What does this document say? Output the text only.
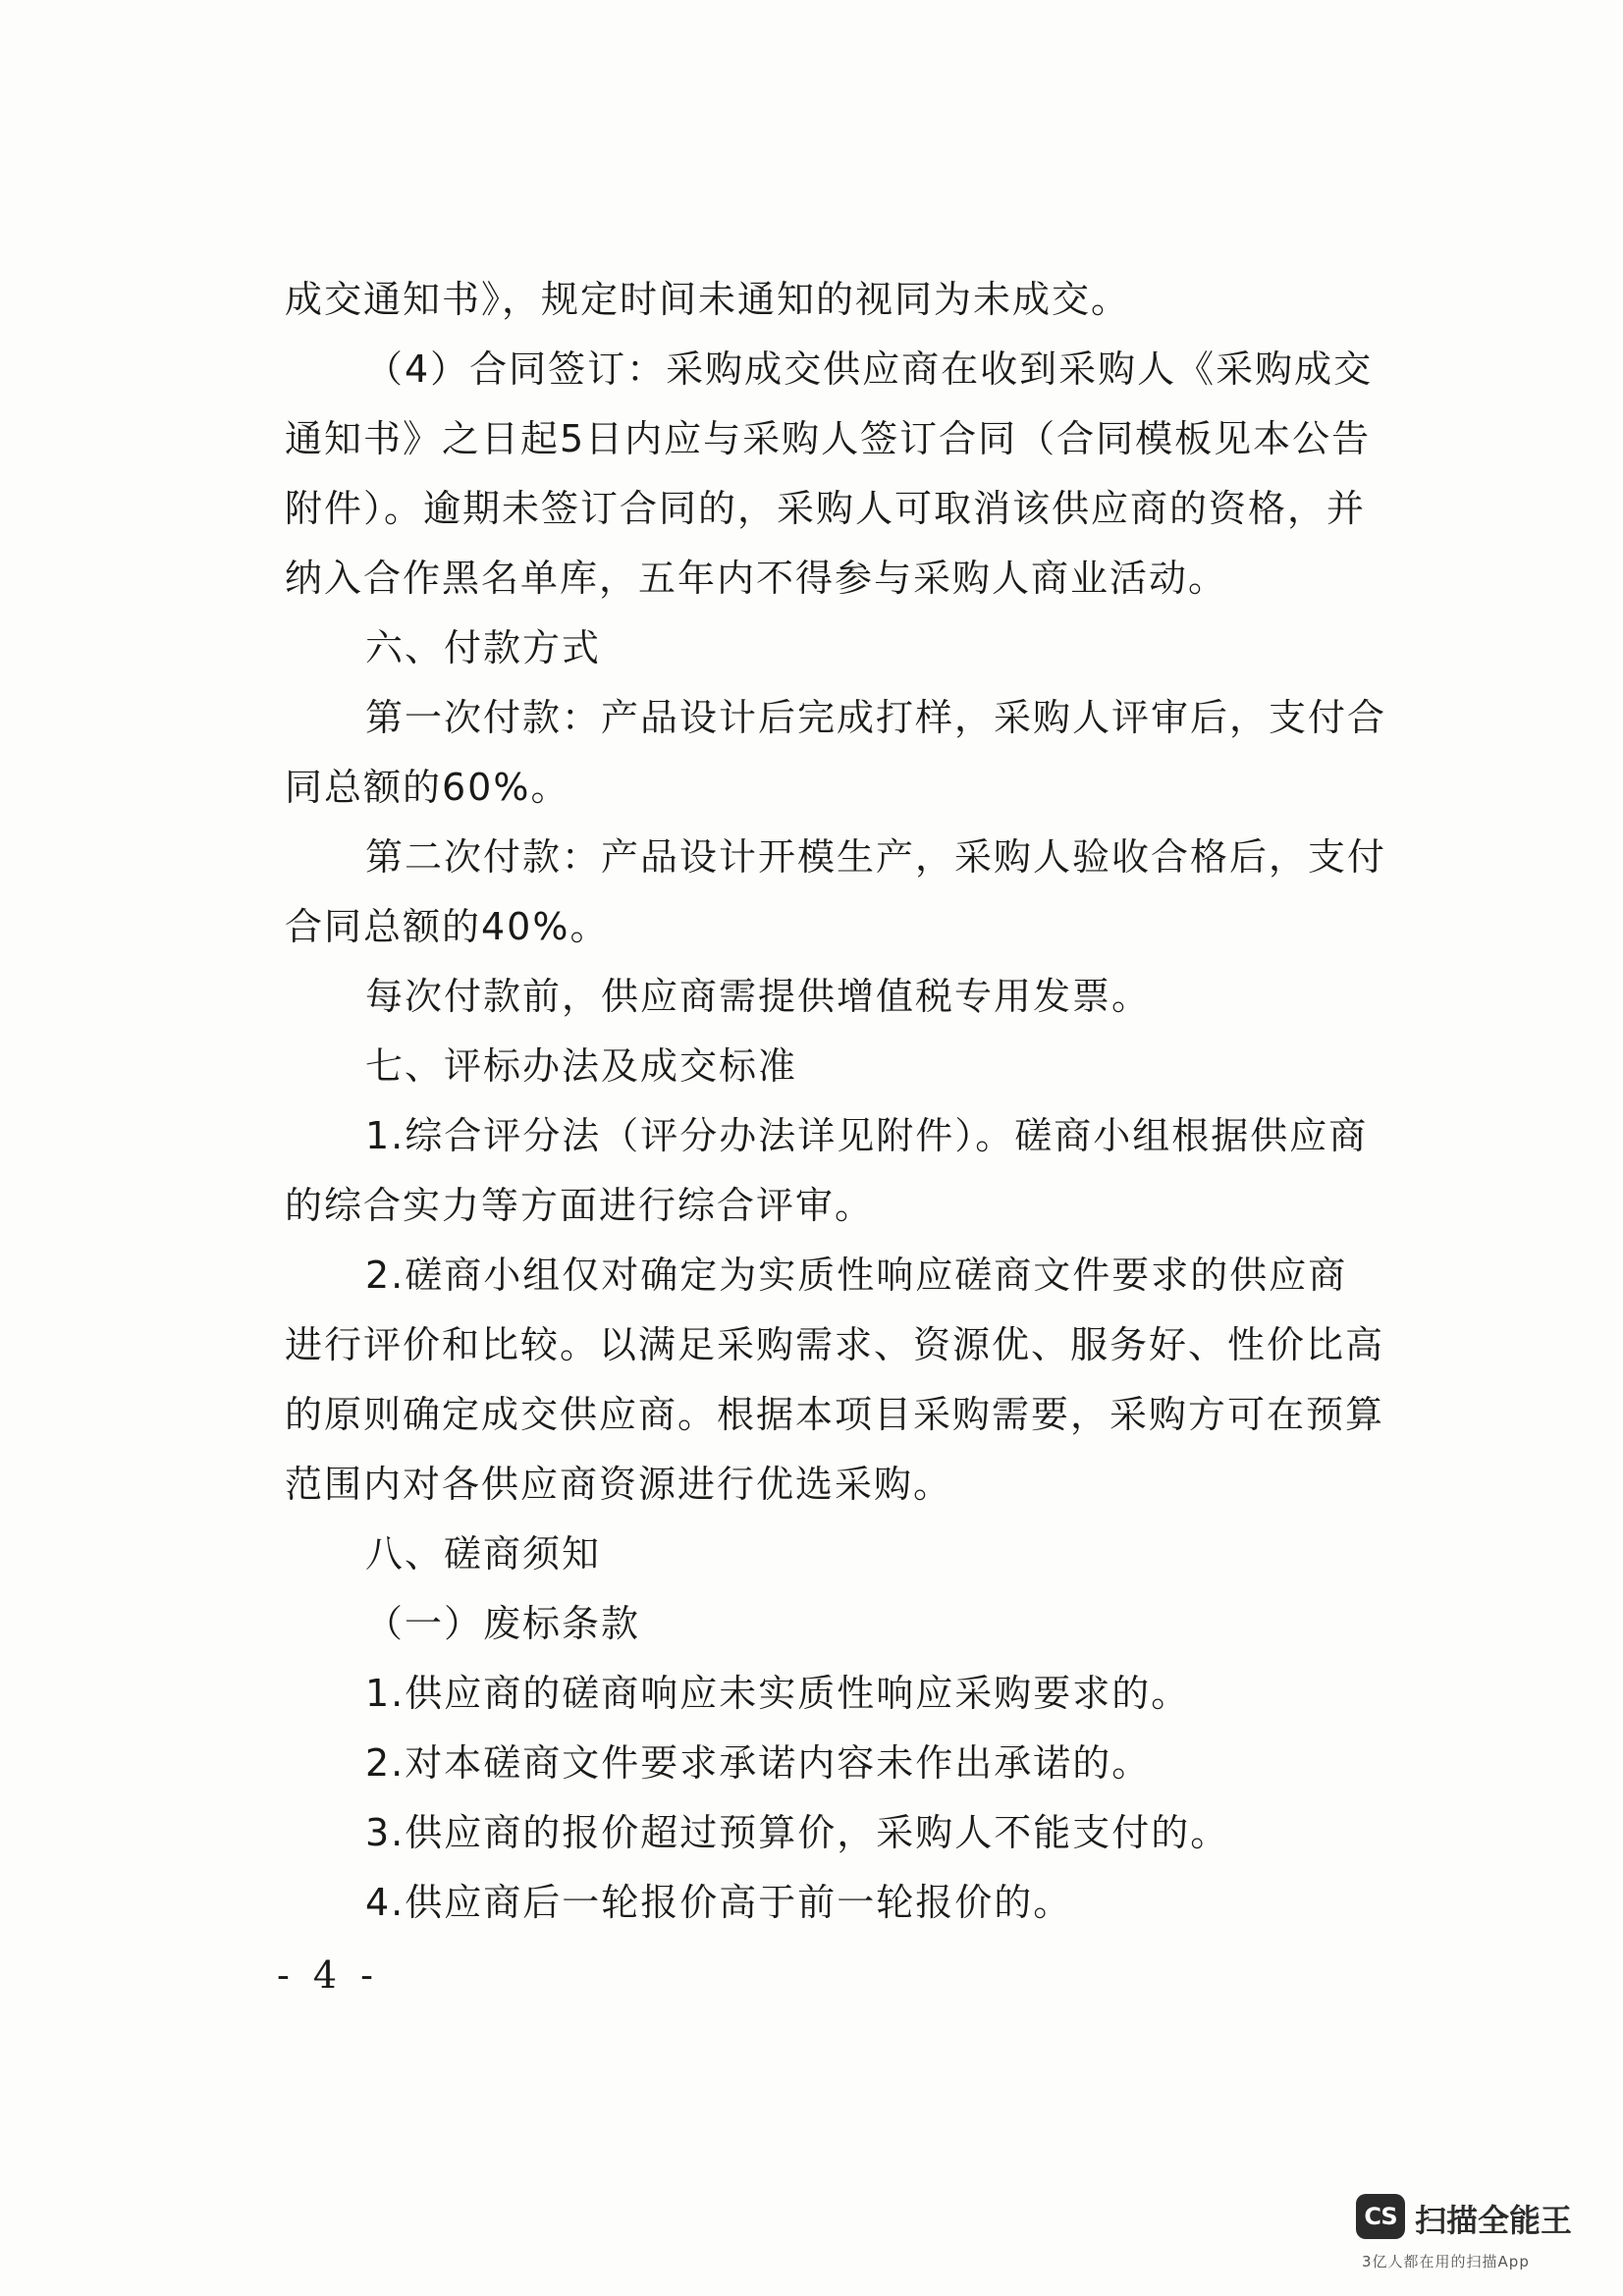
成交通知书》，规定时间未通知的视同为未成交。
（4）合同签订：采购成交供应商在收到采购人《采购成交
通知书》之日起5日内应与采购人签订合同（合同模板见本公告
附件）。逾期未签订合同的，采购人可取消该供应商的资格，并
纳入合作黑名单库，五年内不得参与采购人商业活动。
六、付款方式
第一次付款：产品设计后完成打样，采购人评审后，支付合
同总额的60%。
第二次付款：产品设计开模生产，采购人验收合格后，支付
合同总额的40%。
每次付款前，供应商需提供增值税专用发票。
七、评标办法及成交标准
1.综合评分法（评分办法详见附件）。磋商小组根据供应商
的综合实力等方面进行综合评审。
2.磋商小组仅对确定为实质性响应磋商文件要求的供应商
进行评价和比较。以满足采购需求、资源优、服务好、性价比高
的原则确定成交供应商。根据本项目采购需要，采购方可在预算
范围内对各供应商资源进行优选采购。
八、磋商须知
（一）废标条款
1.供应商的磋商响应未实质性响应采购要求的。
2.对本磋商文件要求承诺内容未作出承诺的。
3.供应商的报价超过预算价，采购人不能支付的。
4.供应商后一轮报价高于前一轮报价的。
- 4 -
CS 扫描全能王
3亿人都在用的扫描App
